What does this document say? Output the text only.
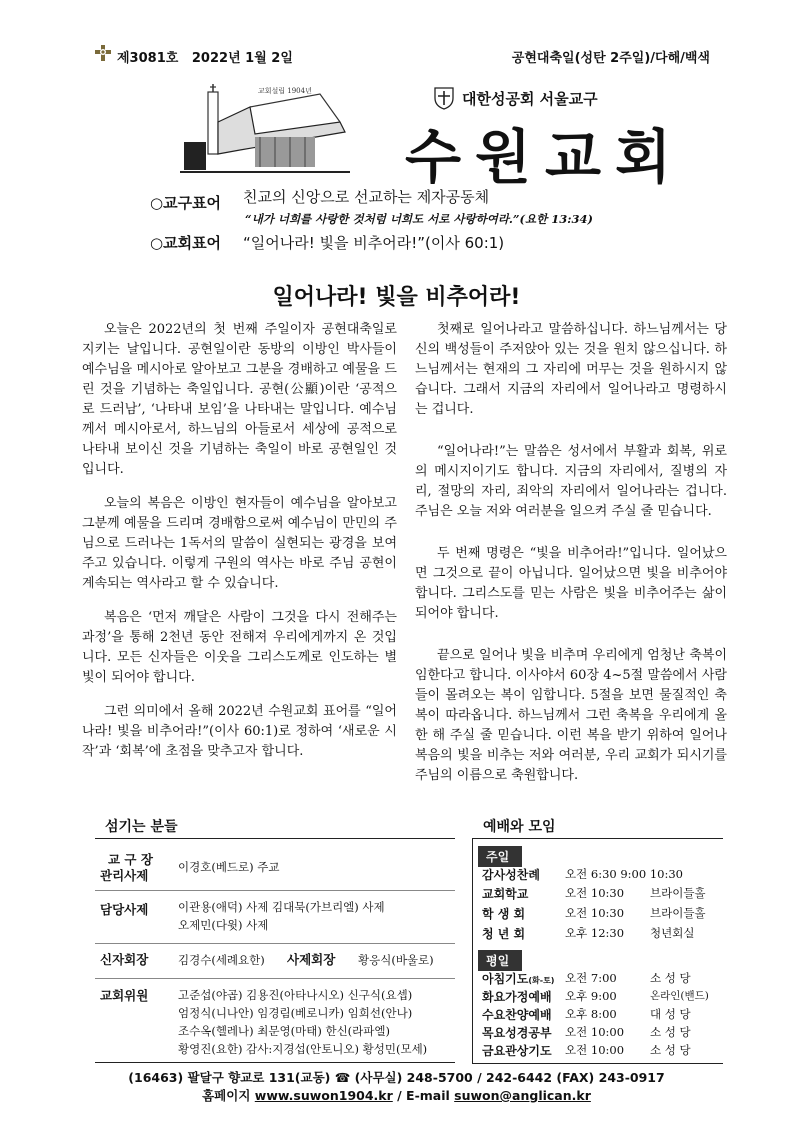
제3081호 2022년 1월 2일	공현대축일(성탄 2주일)/다해/백색
교회설립 1904년	대한성공회 서울교구
수원교회
○교구표어 친교의 신앙으로 선교하는 제자공동체
“내가 너희를 사랑한 것처럼 너희도 서로 사랑하여라.”(요한 13:34)
○교회표어 “일어나라! 빛을 비추어라!”(이사 60:1)
일어나라! 빛을 비추어라!

오늘은 2022년의 첫 번째 주일이자 공현대축일로 지키는 날입니다. 공현일이란 동방의 이방인 박사들이 예수님을 메시아로 알아보고 그분을 경배하고 예물을 드린 것을 기념하는 축일입니다. 공현(公顯)이란 ‘공적으로 드러남’, ‘나타내 보임’을 나타내는 말입니다. 예수님께서 메시아로서, 하느님의 아들로서 세상에 공적으로 나타내 보이신 것을 기념하는 축일이 바로 공현일인 것입니다.

오늘의 복음은 이방인 현자들이 예수님을 알아보고 그분께 예물을 드리며 경배함으로써 예수님이 만민의 주님으로 드러나는 1독서의 말씀이 실현되는 광경을 보여주고 있습니다. 이렇게 구원의 역사는 바로 주님 공현이 계속되는 역사라고 할 수 있습니다.

복음은 ‘먼저 깨달은 사람이 그것을 다시 전해주는 과정’을 통해 2천년 동안 전해져 우리에게까지 온 것입니다. 모든 신자들은 이웃을 그리스도께로 인도하는 별빛이 되어야 합니다.

그런 의미에서 올해 2022년 수원교회 표어를 “일어나라! 빛을 비추어라!”(이사 60:1)로 정하여 ‘새로운 시작’과 ‘회복’에 초점을 맞추고자 합니다.

첫째로 일어나라고 말씀하십니다. 하느님께서는 당신의 백성들이 주저앉아 있는 것을 원치 않으십니다. 하느님께서는 현재의 그 자리에 머무는 것을 원하시지 않습니다. 그래서 지금의 자리에서 일어나라고 명령하시는 겁니다.

“일어나라!”는 말씀은 성서에서 부활과 회복, 위로의 메시지이기도 합니다. 지금의 자리에서, 질병의 자리, 절망의 자리, 죄악의 자리에서 일어나라는 겁니다. 주님은 오늘 저와 여러분을 일으켜 주실 줄 믿습니다.

두 번째 명령은 “빛을 비추어라!”입니다. 일어났으면 그것으로 끝이 아닙니다. 일어났으면 빛을 비추어야 합니다. 그리스도를 믿는 사람은 빛을 비추어주는 삶이 되어야 합니다.

끝으로 일어나 빛을 비추며 우리에게 엄청난 축복이 임한다고 합니다. 이사야서 60장 4~5절 말씀에서 사람들이 몰려오는 복이 임합니다. 5절을 보면 물질적인 축복이 따라옵니다. 하느님께서 그런 축복을 우리에게 올 한 해 주실 줄 믿습니다. 이런 복을 받기 위하여 일어나 복음의 빛을 비추는 저와 여러분, 우리 교회가 되시기를 주님의 이름으로 축원합니다.

섬기는 분들
교 구 장
관리사제
이경호(베드로) 주교
담당사제	이관용(애덕) 사제 김대묵(가브리엘) 사제
오제민(다윗) 사제
신자회장	김경수(세례요한) 사제회장 황응식(바울로)
교회위원	고준섭(야곱) 김용진(아타나시오) 신구식(요셉)
엄정식(니나안) 임경림(베로니카) 임희선(안나)
조수옥(헬레나) 최문영(마태) 한신(라파엘)
황영진(요한) 감사:지경섭(안토니오) 황성민(모세)
예배와 모임
주일
감사성찬례 오전 6:30 9:00 10:30
교회학교	오전 10:30 브라이들홀
학 생 회	오전 10:30 브라이들홀
청 년 회	오후 12:30 청년회실
평일
아침기도(화-토) 오전 7:00	소 성 당
화요가정예배 오후 9:00	온라인(밴드)
수요찬양예배 오후 8:00	대 성 당
목요성경공부 오전 10:00 소 성 당
금요관상기도 오전 10:00 소 성 당
(16463) 팔달구 향교로 131(교동) ☎ (사무실) 248-5700 / 242-6442 (FAX) 243-0917
홈페이지 www.suwon1904.kr / E-mail suwon@anglican.kr
